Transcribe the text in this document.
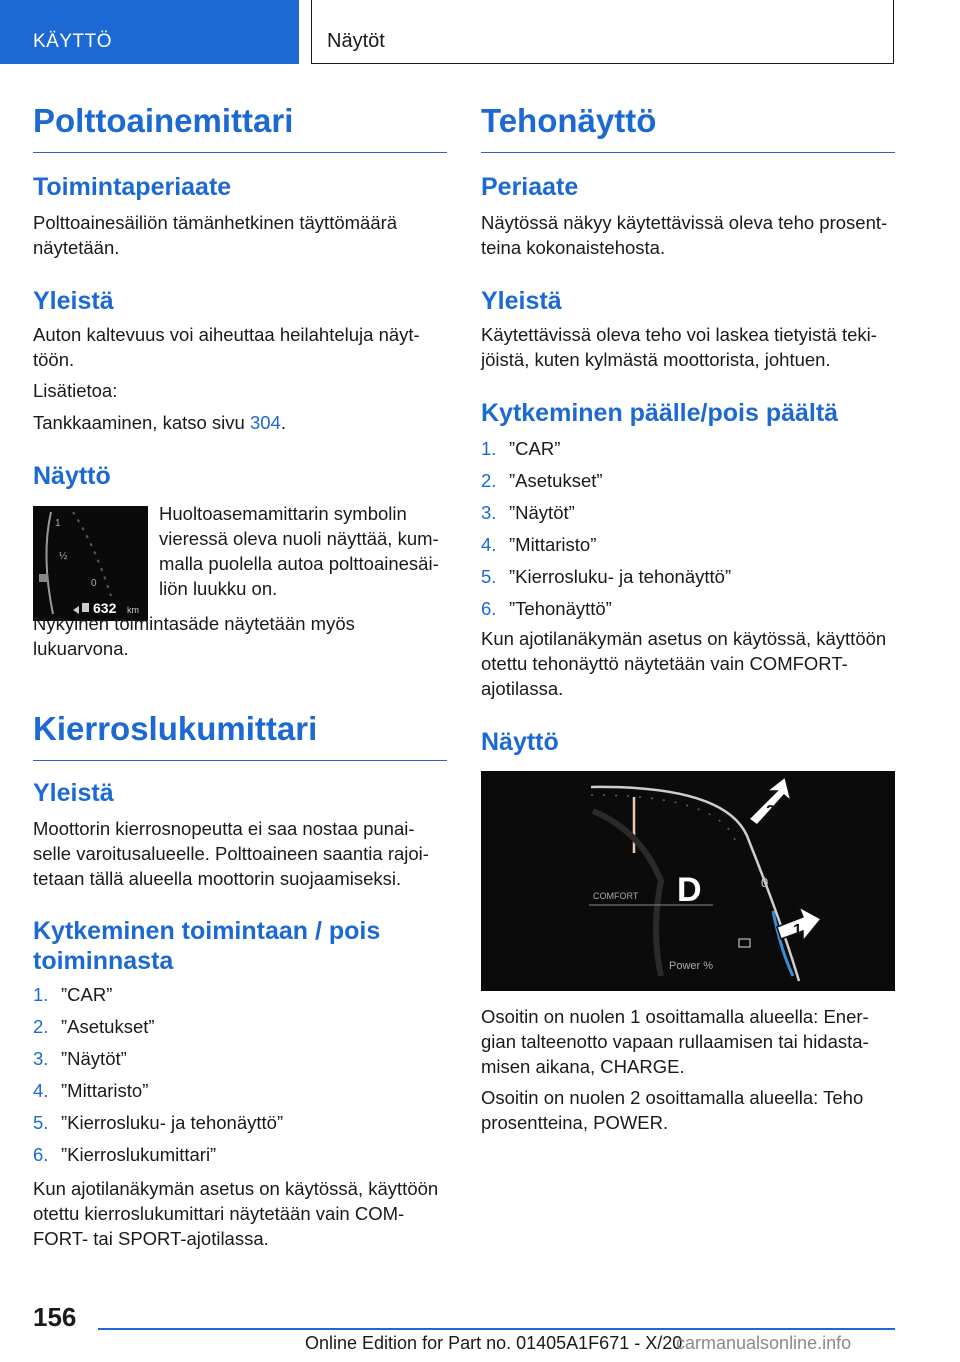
KÄYTTÖ	Näytöt
Polttoainemittari
Toimintaperiaate

Polttoainesäiliön tämänhetkinen täyttömäärä näytetään.

Yleistä

Auton kaltevuus voi aiheuttaa heilahteluja näyt-töön.

Lisätietoa:

Tankkaaminen, katso sivu 304.

Näyttö
1
½
0
632 km

Huoltoasemamittarin symbolin vieressä oleva nuoli näyttää, kum-malla puolella autoa polttoainesäi-liön luukku on.

Nykyinen toimintasäde näytetään myös lukuarvona.

Kierroslukumittari
Yleistä

Moottorin kierrosnopeutta ei saa nostaa punai-selle varoitusalueelle. Polttoaineen saantia rajoi-tetaan tällä alueella moottorin suojaamiseksi.

Kytkeminen toimintaan / pois toiminnasta
1. ”CAR”
2. ”Asetukset”
3. ”Näytöt”
4. ”Mittaristo”
5. ”Kierrosluku- ja tehonäyttö”
6. ”Kierroslukumittari”

Kun ajotilanäkymän asetus on käytössä, käyttöön otettu kierroslukumittari näytetään vain COM-FORT- tai SPORT-ajotilassa.

Tehonäyttö
Periaate

Näytössä näkyy käytettävissä oleva teho prosent-teina kokonaistehosta.

Yleistä

Käytettävissä oleva teho voi laskea tietyistä teki-jöistä, kuten kylmästä moottorista, johtuen.

Kytkeminen päälle/pois päältä
1. ”CAR”
2. ”Asetukset”
3. ”Näytöt”
4. ”Mittaristo”
5. ”Kierrosluku- ja tehonäyttö”
6. ”Tehonäyttö”

Kun ajotilanäkymän asetus on käytössä, käyttöön otettu tehonäyttö näytetään vain COMFORT-ajotilassa.

Näyttö
D
COMFORT
0
Power %
2
1

Osoitin on nuolen 1 osoittamalla alueella: Ener-gian talteenotto vapaan rullaamisen tai hidasta-misen aikana, CHARGE.

Osoitin on nuolen 2 osoittamalla alueella: Teho prosentteina, POWER.

156
Online Edition for Part no. 01405A1F671 - X/20
carmanualsonline.info
